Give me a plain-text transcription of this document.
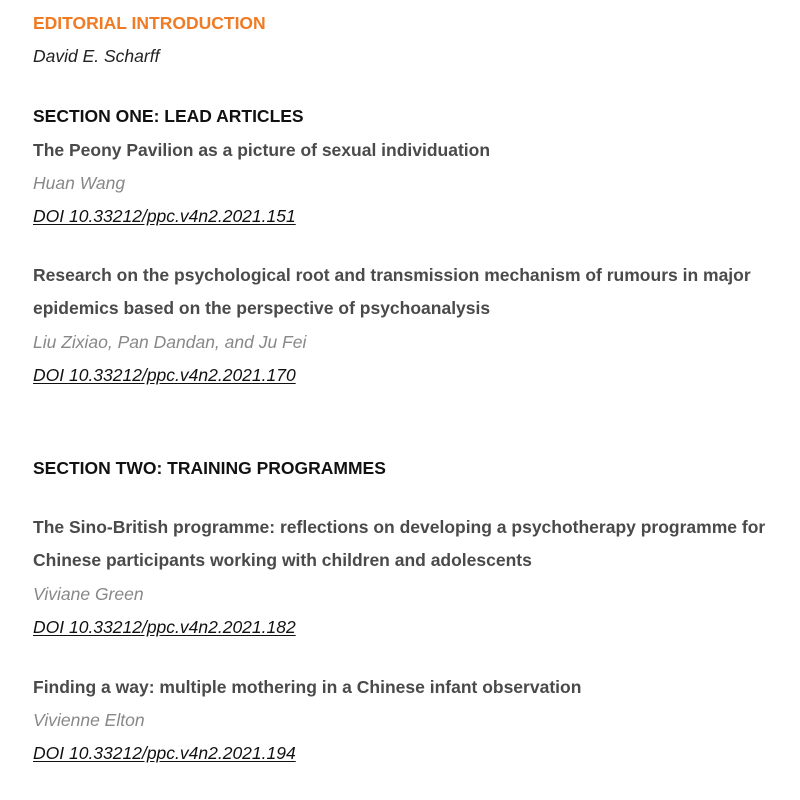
EDITORIAL INTRODUCTION
David E. Scharff
SECTION ONE: LEAD ARTICLES
The Peony Pavilion as a picture of sexual individuation
Huan Wang
DOI 10.33212/ppc.v4n2.2021.151
Research on the psychological root and transmission mechanism of rumours in major
epidemics based on the perspective of psychoanalysis
Liu Zixiao, Pan Dandan, and Ju Fei
DOI 10.33212/ppc.v4n2.2021.170
SECTION TWO: TRAINING PROGRAMMES
The Sino-British programme: reflections on developing a psychotherapy programme for
Chinese participants working with children and adolescents
Viviane Green
DOI 10.33212/ppc.v4n2.2021.182
Finding a way: multiple mothering in a Chinese infant observation
Vivienne Elton
DOI 10.33212/ppc.v4n2.2021.194
